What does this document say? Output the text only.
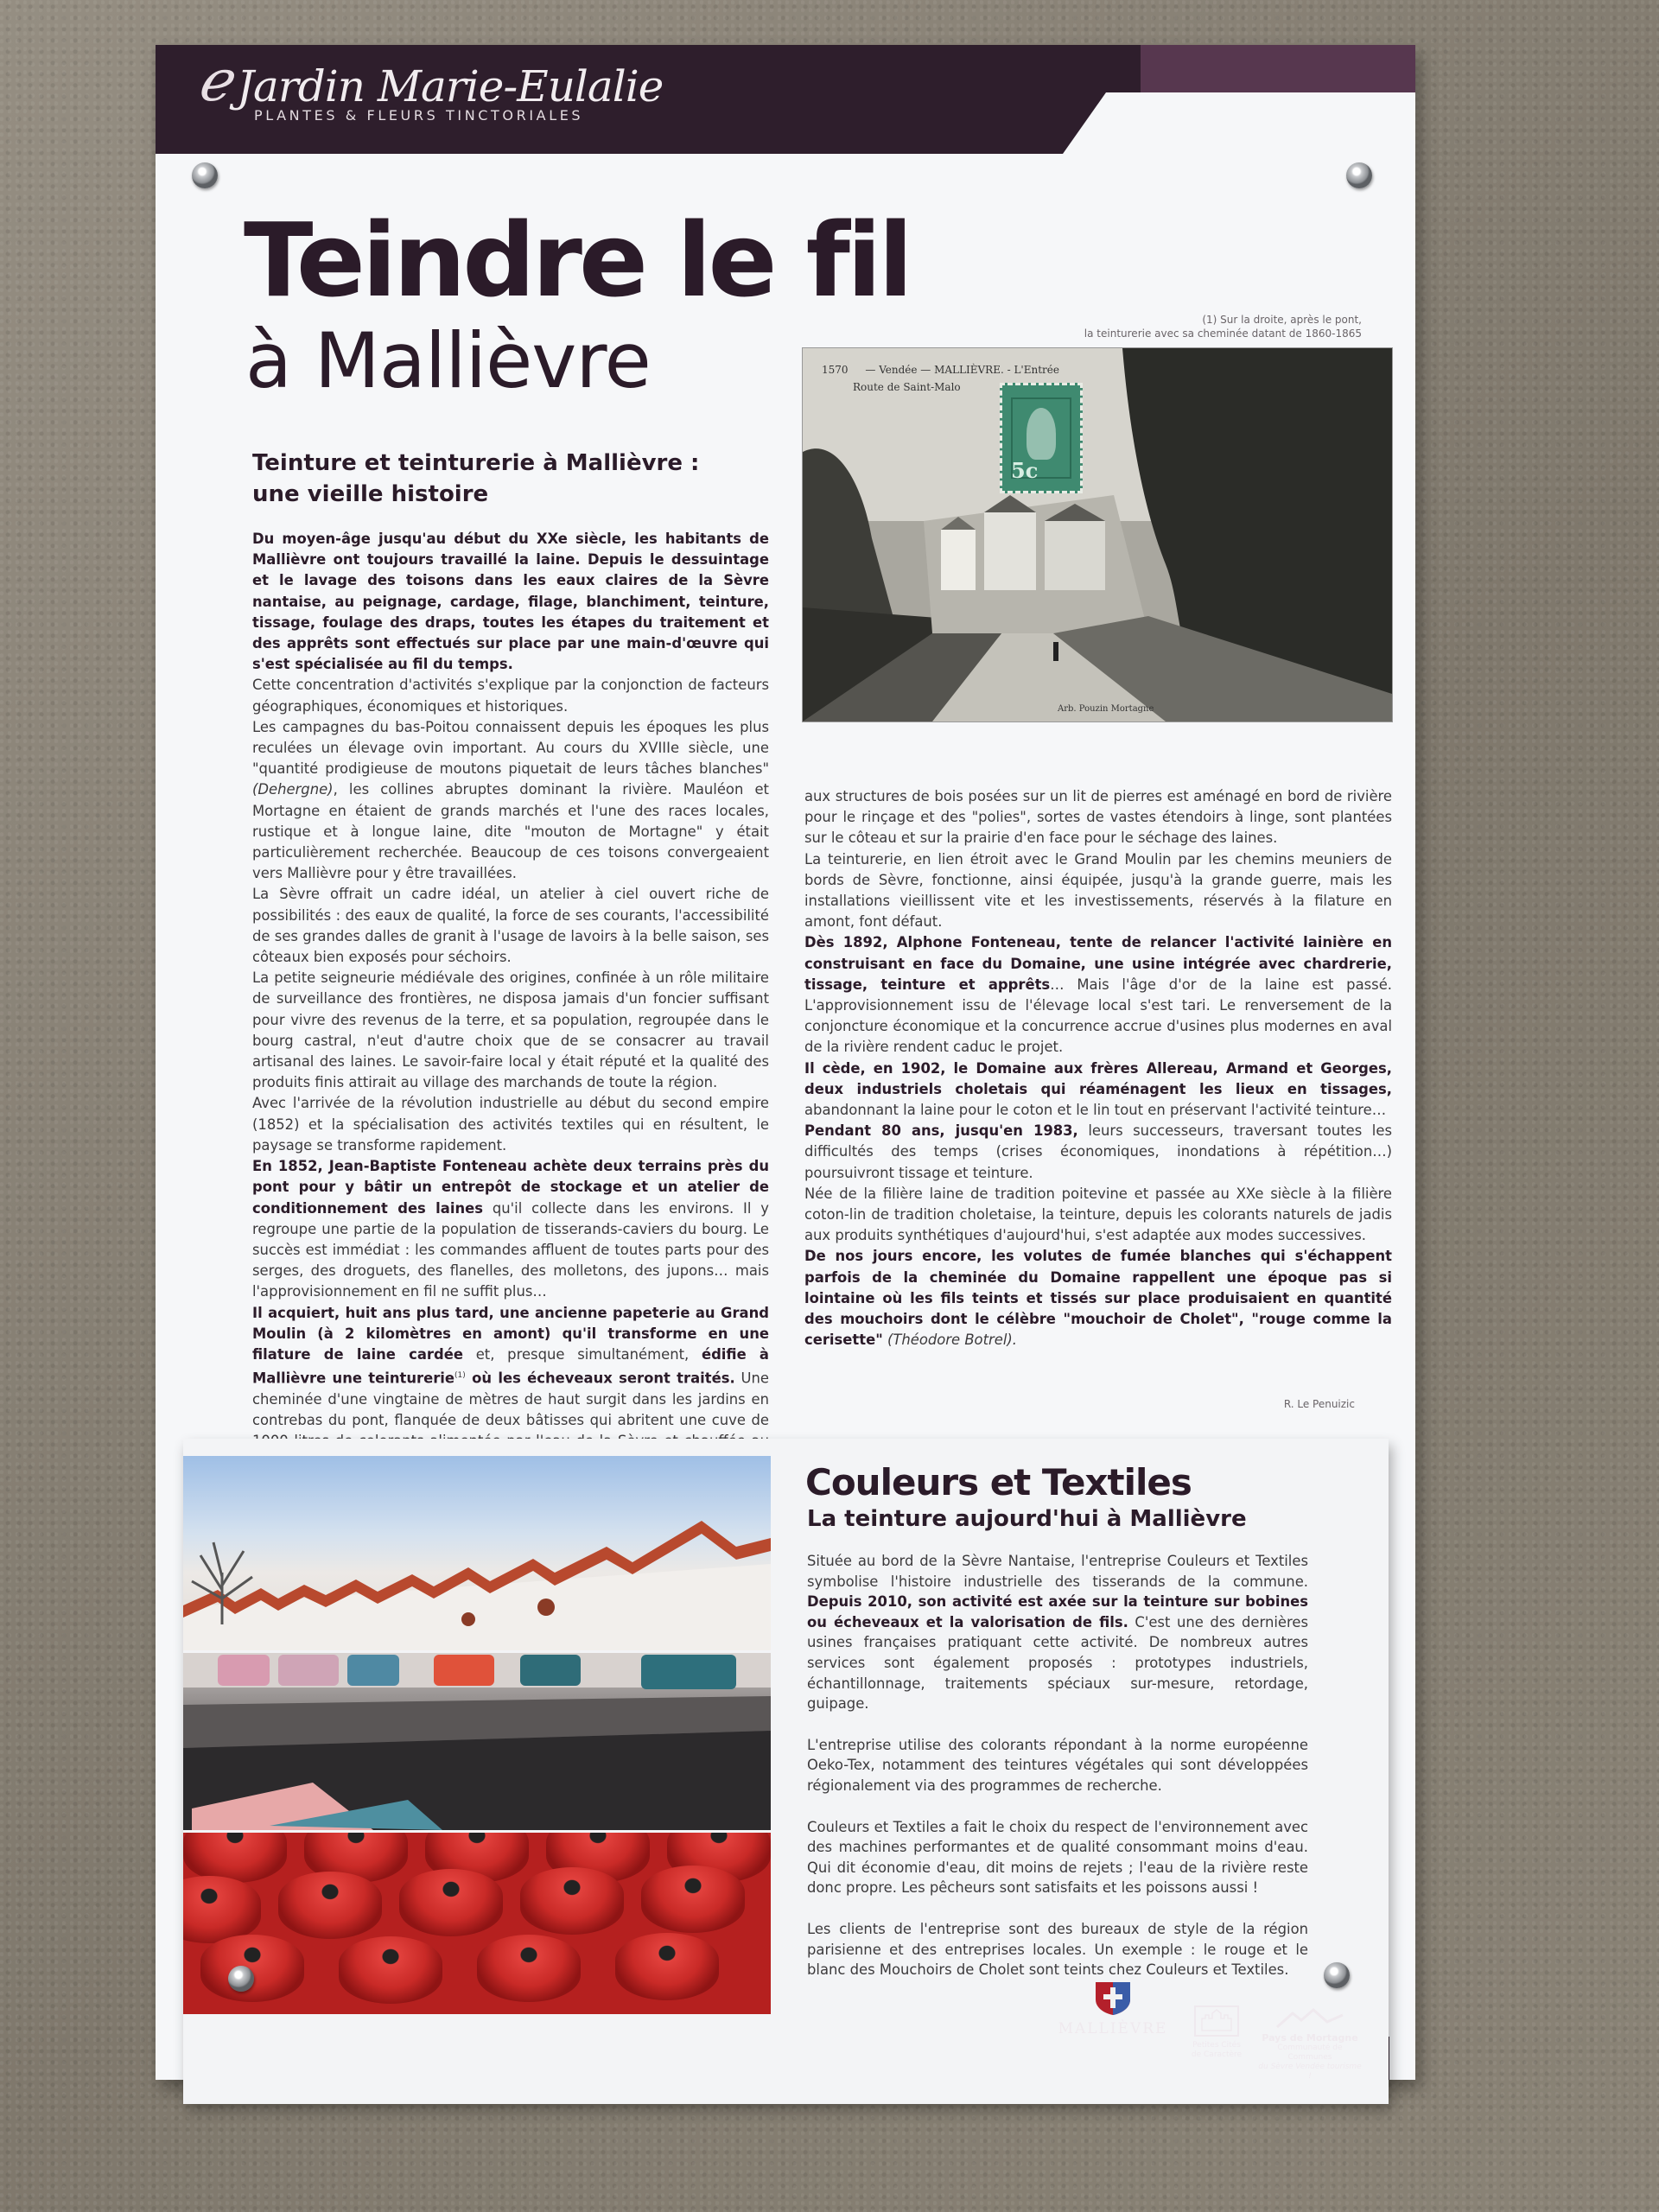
ℯ Jardin Marie-Eulalie
PLANTES & FLEURS TINCTORIALES
Teindre le fil
à Mallièvre	(1) Sur la droite, après le pont,
la teinturerie avec sa cheminée datant de 1860-1865
1570 — Vendée — MALLIÈVRE. - L'Entrée
Route de Saint-Malo
Arb. Pouzin Mortagne
5c
Teinture et teinturerie à Mallièvre :
une vieille histoire

Du moyen-âge jusqu'au début du XXe siècle, les habitants de Mallièvre ont toujours travaillé la laine. Depuis le dessuintage et le lavage des toisons dans les eaux claires de la Sèvre nantaise, au peignage, cardage, filage, blanchiment, teinture, tissage, foulage des draps, toutes les étapes du traitement et des apprêts sont effectués sur place par une main-d'œuvre qui s'est spécialisée au fil du temps.

Cette concentration d'activités s'explique par la conjonction de facteurs géographiques, économiques et historiques.

Les campagnes du bas-Poitou connaissent depuis les époques les plus reculées un élevage ovin important. Au cours du XVIIIe siècle, une "quantité prodigieuse de moutons piquetait de leurs tâches blanches" (Dehergne), les collines abruptes dominant la rivière. Mauléon et Mortagne en étaient de grands marchés et l'une des races locales, rustique et à longue laine, dite "mouton de Mortagne" y était particulièrement recherchée. Beaucoup de ces toisons convergeaient vers Mallièvre pour y être travaillées.

La Sèvre offrait un cadre idéal, un atelier à ciel ouvert riche de possibilités : des eaux de qualité, la force de ses courants, l'accessibilité de ses grandes dalles de granit à l'usage de lavoirs à la belle saison, ses côteaux bien exposés pour séchoirs.

La petite seigneurie médiévale des origines, confinée à un rôle militaire de surveillance des frontières, ne disposa jamais d'un foncier suffisant pour vivre des revenus de la terre, et sa population, regroupée dans le bourg castral, n'eut d'autre choix que de se consacrer au travail artisanal des laines. Le savoir-faire local y était réputé et la qualité des produits finis attirait au village des marchands de toute la région.

Avec l'arrivée de la révolution industrielle au début du second empire (1852) et la spécialisation des activités textiles qui en résultent, le paysage se transforme rapidement.

En 1852, Jean-Baptiste Fonteneau achète deux terrains près du pont pour y bâtir un entrepôt de stockage et un atelier de conditionnement des laines qu'il collecte dans les environs. Il y regroupe une partie de la population de tisserands-caviers du bourg. Le succès est immédiat : les commandes affluent de toutes parts pour des serges, des droguets, des flanelles, des molletons, des jupons… mais l'approvisionnement en fil ne suffit plus…

Il acquiert, huit ans plus tard, une ancienne papeterie au Grand Moulin (à 2 kilomètres en amont) qu'il transforme en une filature de laine cardée et, presque simultanément, édifie à Mallièvre une teinturerie$^{(1)}$ où les écheveaux seront traités. Une cheminée d'une vingtaine de mètres de haut surgit dans les jardins en contrebas du pont, flanquée de deux bâtisses qui abritent une cuve de

aux structures de bois posées sur un lit de pierres est aménagé en bord de rivière pour le rinçage et des "polies", sortes de vastes étendoirs à linge, sont plantées sur le côteau et sur la prairie d'en face pour le séchage des laines.

La teinturerie, en lien étroit avec le Grand Moulin par les chemins meuniers de bords de Sèvre, fonctionne, ainsi équipée, jusqu'à la grande guerre, mais les installations vieillissent vite et les investissements, réservés à la filature en amont, font défaut.

Dès 1892, Alphone Fonteneau, tente de relancer l'activité lainière en construisant en face du Domaine, une usine intégrée avec chardrerie, tissage, teinture et apprêts… Mais l'âge d'or de la laine est passé. L'approvisionnement issu de l'élevage local s'est tari. Le renversement de la conjoncture économique et la concurrence accrue d'usines plus modernes en aval de la rivière rendent caduc le projet.

Il cède, en 1902, le Domaine aux frères Allereau, Armand et Georges, deux industriels choletais qui réaménagent les lieux en tissages, abandonnant la laine pour le coton et le lin tout en préservant l'activité teinture…

Pendant 80 ans, jusqu'en 1983, leurs successeurs, traversant toutes les difficultés des temps (crises économiques, inondations à répétition…) poursuivront tissage et teinture.

Née de la filière laine de tradition poitevine et passée au XXe siècle à la filière coton-lin de tradition choletaise, la teinture, depuis les colorants naturels de jadis aux produits synthétiques d'aujourd'hui, s'est adaptée aux modes successives.

De nos jours encore, les volutes de fumée blanches qui s'échappent parfois de la cheminée du Domaine rappellent une époque pas si lointaine où les fils teints et tissés sur place produisaient en quantité des mouchoirs dont le célèbre "mouchoir de Cholet", "rouge comme la cerisette" (Théodore Botrel).

R. Le Penuizic
Couleurs et Textiles
La teinture aujourd'hui à Mallièvre

Située au bord de la Sèvre Nantaise, l'entreprise Couleurs et Textiles symbolise l'histoire industrielle des tisserands de la commune. Depuis 2010, son activité est axée sur la teinture sur bobines ou écheveaux et la valorisation de fils. C'est une des dernières usines françaises pratiquant cette activité. De nombreux autres services sont également proposés : prototypes industriels, échantillonnage, traitements spéciaux sur-mesure, retordage, guipage.

L'entreprise utilise des colorants répondant à la norme européenne Oeko-Tex, notamment des teintures végétales qui sont développées régionalement via des programmes de recherche.

Couleurs et Textiles a fait le choix du respect de l'environnement avec des machines performantes et de qualité consommant moins d'eau. Qui dit économie d'eau, dit moins de rejets ; l'eau de la rivière reste donc propre. Les pêcheurs sont satisfaits et les poissons aussi !

Les clients de l'entreprise sont des bureaux de style de la région parisienne et des entreprises locales. Un exemple : le rouge et le blanc des Mouchoirs de Cholet sont teints chez Couleurs et Textiles.

MALLIÈVRE
Petites Cités
de Caractère
Pays de Mortagne
Communauté de Communes
du Sèvre Vendée tourisme !
